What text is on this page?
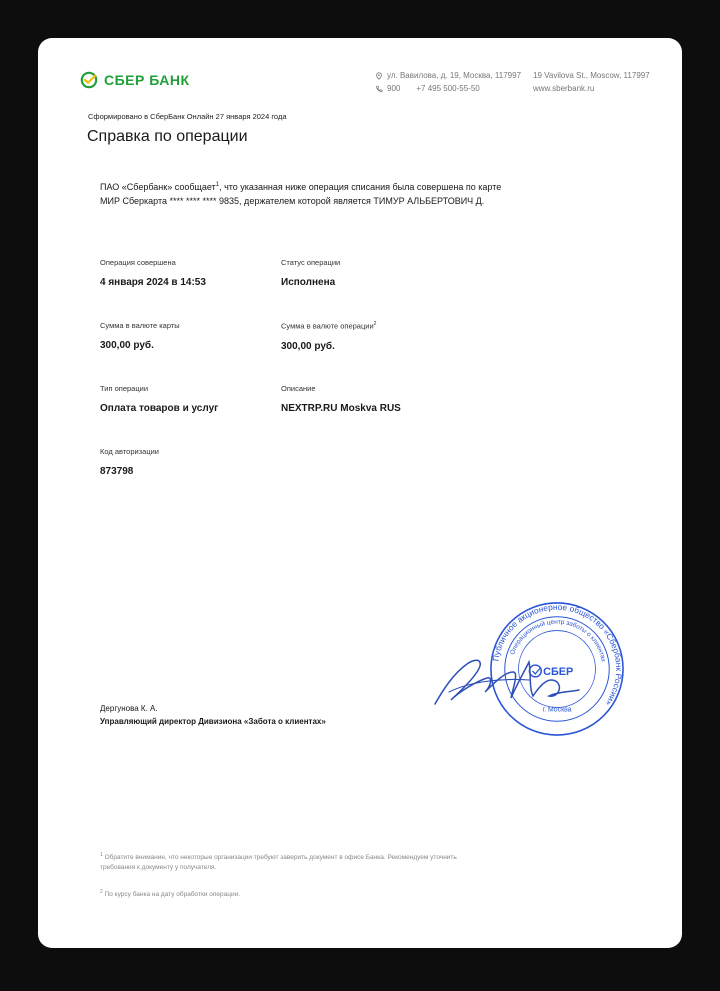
СБЕР БАНК	ул. Вавилова, д. 19, Москва, 117997
900 +7 495 500-55-50
19 Vavilova St., Moscow, 117997
www.sberbank.ru
Сформировано в СберБанк Онлайн 27 января 2024 года
Справка по операции
ПАО «Сбербанк» сообщает$^1$, что указанная ниже операция списания была совершена по карте МИР Сберкарта **** **** **** 9835, держателем которой является ТИМУР АЛЬБЕРТОВИЧ Д.
Операция совершена
4 января 2024 в 14:53
Статус операции
Исполнена
Сумма в валюте карты
300,00 руб.
Сумма в валюте операции$^2$
300,00 руб.
Тип операции
Оплата товаров и услуг
Описание
NEXTRP.RU Moskva RUS
Код авторизации
873798
Публичное акционерное общество «Сбербанк России»
Операционный центр заботы о клиентах
СБЕР
г. Москва
Дергунова К. А.
Управляющий директор Дивизиона «Забота о клиентах»
$^1$ Обратите внимание, что некоторые организации требуют заверить документ в офисе Банка. Рекомендуем уточнить требования к документу у получателя.
$^2$ По курсу банка на дату обработки операции.
